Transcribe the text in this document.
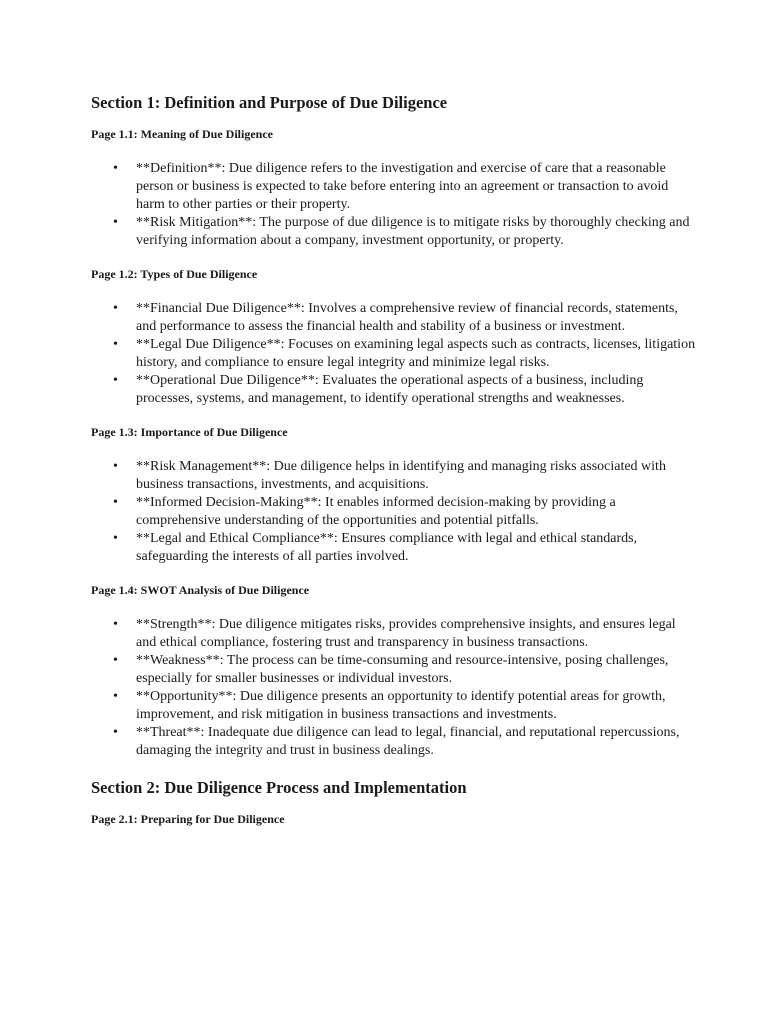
Section 1: Definition and Purpose of Due Diligence
Page 1.1: Meaning of Due Diligence
• **Definition**: Due diligence refers to the investigation and exercise of care that a reasonable person or business is expected to take before entering into an agreement or transaction to avoid harm to other parties or their property.
• **Risk Mitigation**: The purpose of due diligence is to mitigate risks by thoroughly checking and verifying information about a company, investment opportunity, or property.
Page 1.2: Types of Due Diligence
• **Financial Due Diligence**: Involves a comprehensive review of financial records, statements, and performance to assess the financial health and stability of a business or investment.
• **Legal Due Diligence**: Focuses on examining legal aspects such as contracts, licenses, litigation history, and compliance to ensure legal integrity and minimize legal risks.
• **Operational Due Diligence**: Evaluates the operational aspects of a business, including processes, systems, and management, to identify operational strengths and weaknesses.
Page 1.3: Importance of Due Diligence
• **Risk Management**: Due diligence helps in identifying and managing risks associated with business transactions, investments, and acquisitions.
• **Informed Decision-Making**: It enables informed decision-making by providing a comprehensive understanding of the opportunities and potential pitfalls.
• **Legal and Ethical Compliance**: Ensures compliance with legal and ethical standards, safeguarding the interests of all parties involved.
Page 1.4: SWOT Analysis of Due Diligence
• **Strength**: Due diligence mitigates risks, provides comprehensive insights, and ensures legal and ethical compliance, fostering trust and transparency in business transactions.
• **Weakness**: The process can be time-consuming and resource-intensive, posing challenges, especially for smaller businesses or individual investors.
• **Opportunity**: Due diligence presents an opportunity to identify potential areas for growth, improvement, and risk mitigation in business transactions and investments.
• **Threat**: Inadequate due diligence can lead to legal, financial, and reputational repercussions, damaging the integrity and trust in business dealings.
Section 2: Due Diligence Process and Implementation
Page 2.1: Preparing for Due Diligence
